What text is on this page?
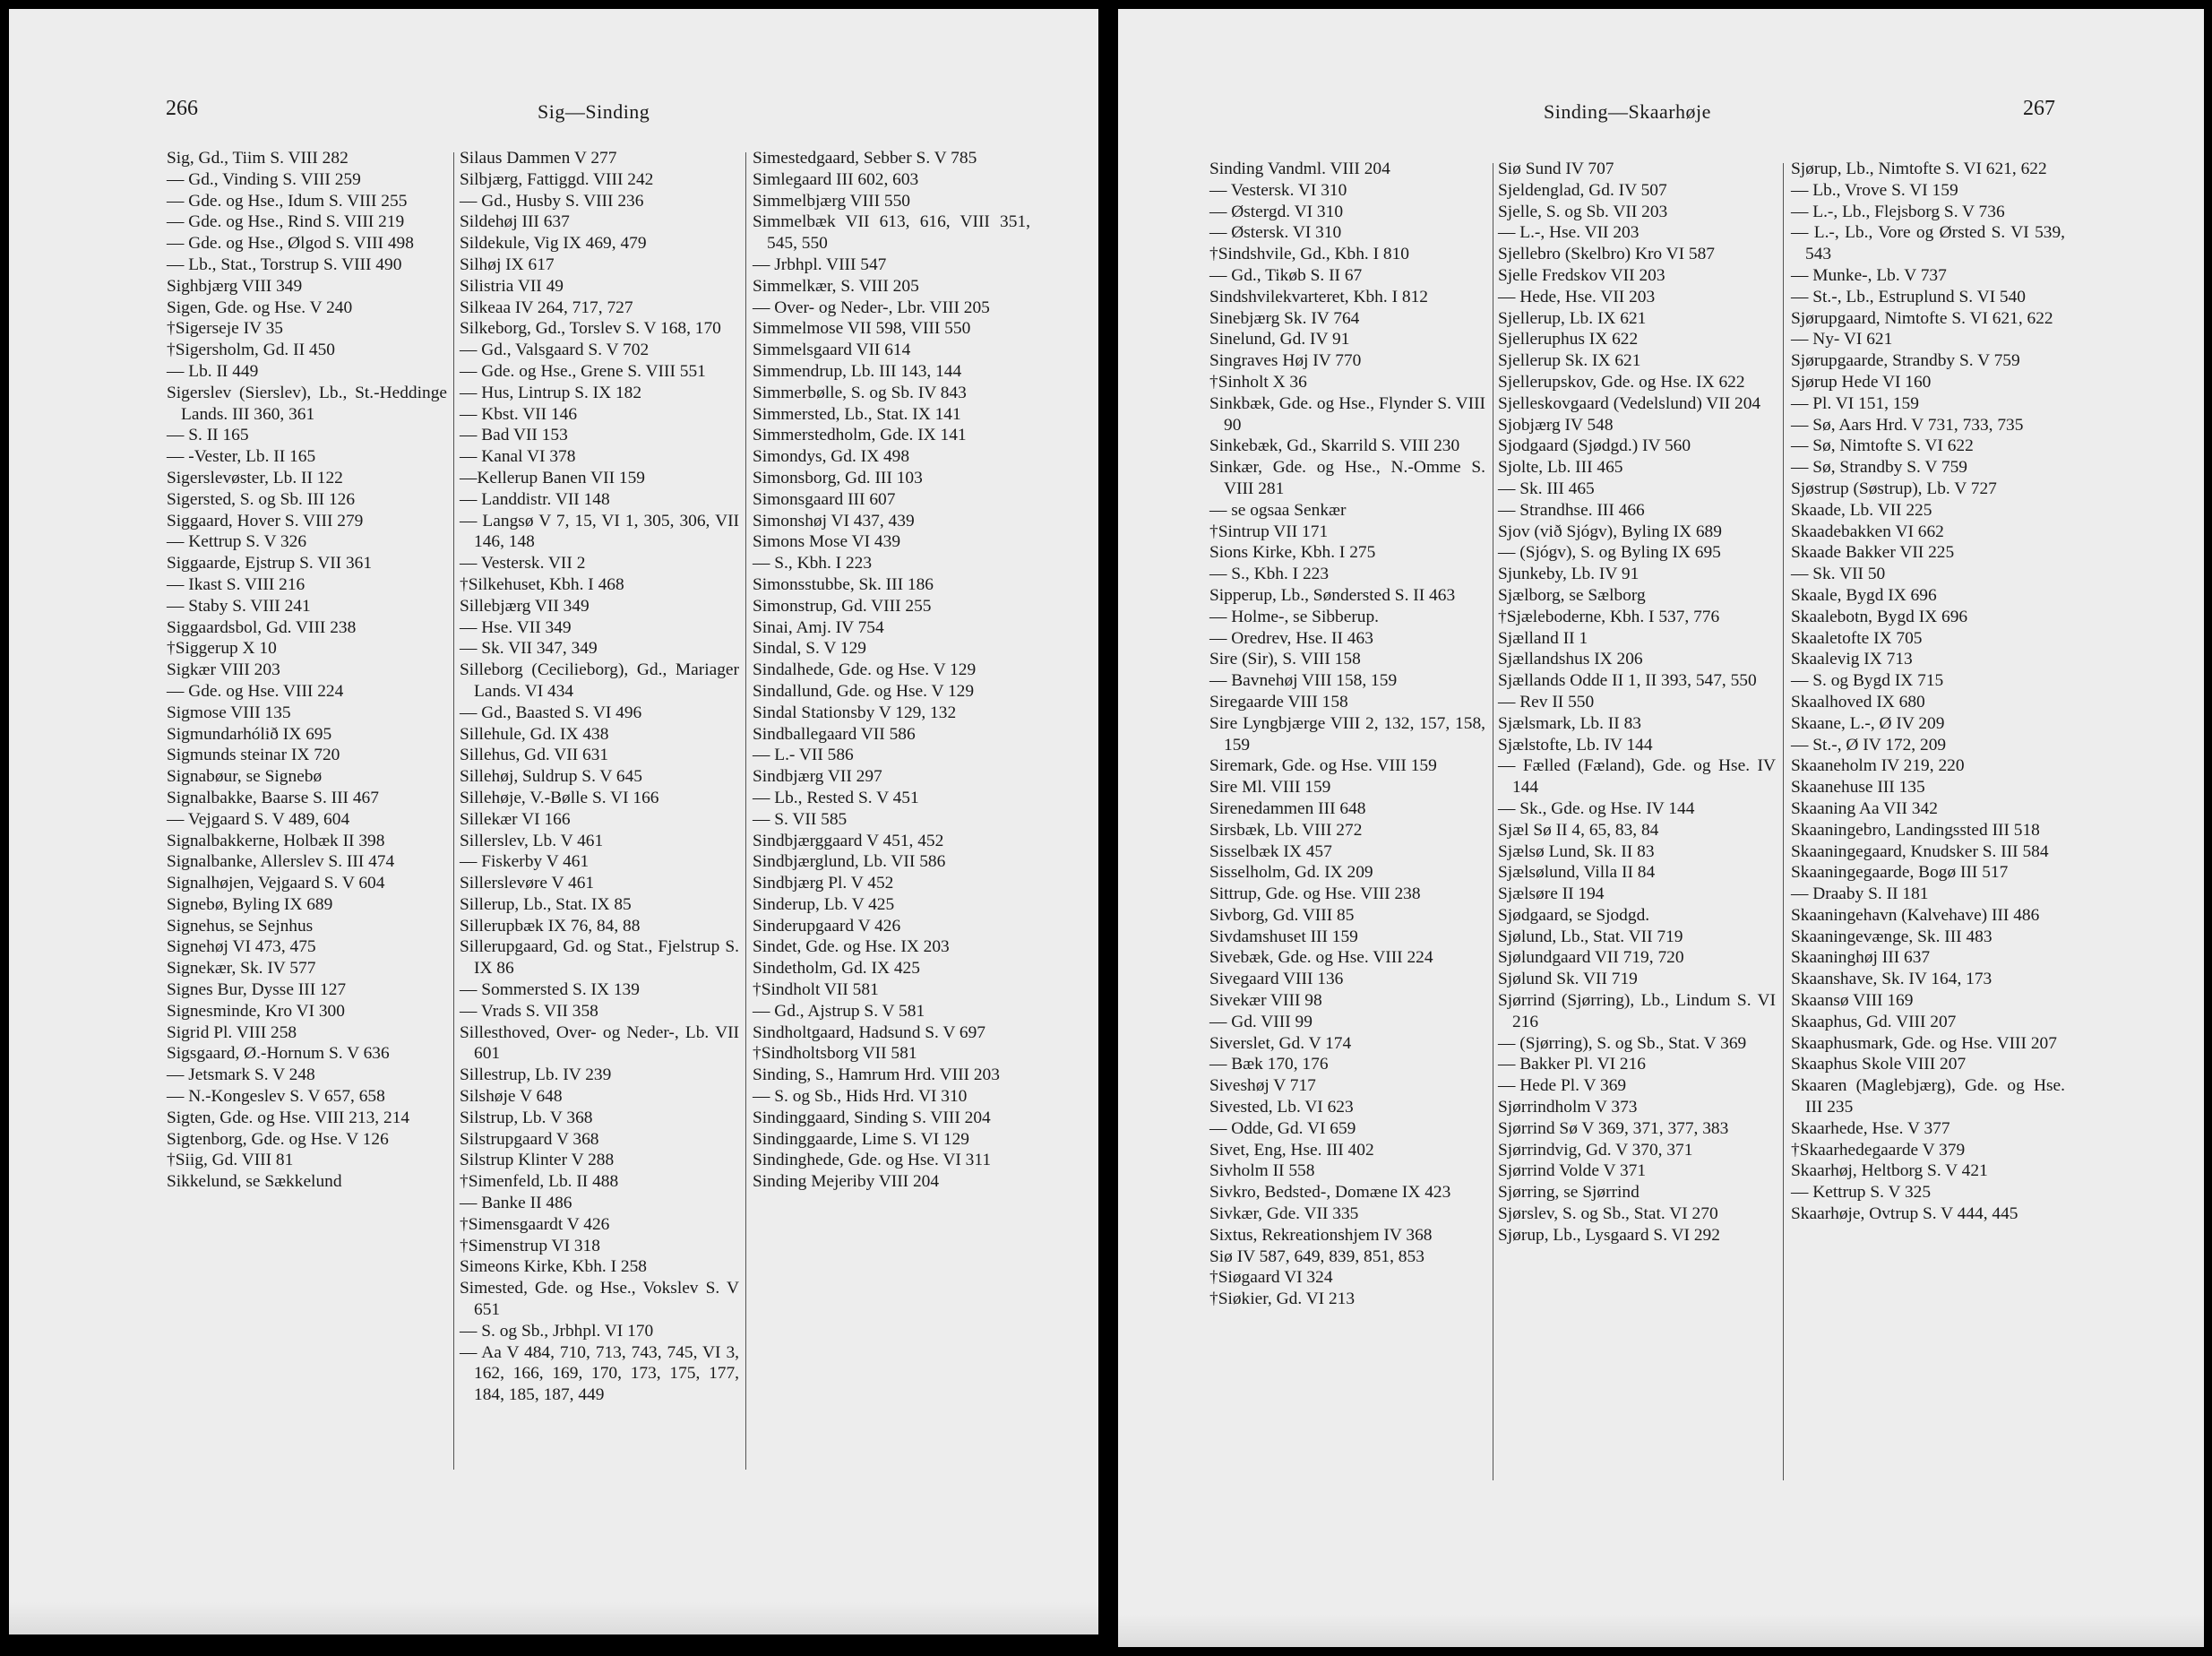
266	Sig—Sinding
Sig, Gd., Tiim S. VIII 282
— Gd., Vinding S. VIII 259
— Gde. og Hse., Idum S. VIII 255
— Gde. og Hse., Rind S. VIII 219
— Gde. og Hse., Ølgod S. VIII 498
— Lb., Stat., Torstrup S. VIII 490
Sighbjærg VIII 349
Sigen, Gde. og Hse. V 240
†Sigerseje IV 35
†Sigersholm, Gd. II 450
— Lb. II 449
Sigerslev (Sierslev), Lb., St.-Heddinge Lands. III 360, 361
— S. II 165
— -Vester, Lb. II 165
Sigerslevøster, Lb. II 122
Sigersted, S. og Sb. III 126
Siggaard, Hover S. VIII 279
— Kettrup S. V 326
Siggaarde, Ejstrup S. VII 361
— Ikast S. VIII 216
— Staby S. VIII 241
Siggaardsbol, Gd. VIII 238
†Siggerup X 10
Sigkær VIII 203
— Gde. og Hse. VIII 224
Sigmose VIII 135
Sigmundarhólið IX 695
Sigmunds steinar IX 720
Signabøur, se Signebø
Signalbakke, Baarse S. III 467
— Vejgaard S. V 489, 604
Signalbakkerne, Holbæk II 398
Signalbanke, Allerslev S. III 474
Signalhøjen, Vejgaard S. V 604
Signebø, Byling IX 689
Signehus, se Sejnhus
Signehøj VI 473, 475
Signekær, Sk. IV 577
Signes Bur, Dysse III 127
Signesminde, Kro VI 300
Sigrid Pl. VIII 258
Sigsgaard, Ø.-Hornum S. V 636
— Jetsmark S. V 248
— N.-Kongeslev S. V 657, 658
Sigten, Gde. og Hse. VIII 213, 214
Sigtenborg, Gde. og Hse. V 126
†Siig, Gd. VIII 81
Sikkelund, se Sækkelund
Silaus Dammen V 277
Silbjærg, Fattiggd. VIII 242
— Gd., Husby S. VIII 236
Sildehøj III 637
Sildekule, Vig IX 469, 479
Silhøj IX 617
Silistria VII 49
Silkeaa IV 264, 717, 727
Silkeborg, Gd., Torslev S. V 168, 170
— Gd., Valsgaard S. V 702
— Gde. og Hse., Grene S. VIII 551
— Hus, Lintrup S. IX 182
— Kbst. VII 146
— Bad VII 153
— Kanal VI 378
—Kellerup Banen VII 159
— Landdistr. VII 148
— Langsø V 7, 15, VI 1, 305, 306, VII 146, 148
— Vestersk. VII 2
†Silkehuset, Kbh. I 468
Sillebjærg VII 349
— Hse. VII 349
— Sk. VII 347, 349
Silleborg (Cecilieborg), Gd., Mariager Lands. VI 434
— Gd., Baasted S. VI 496
Sillehule, Gd. IX 438
Sillehus, Gd. VII 631
Sillehøj, Suldrup S. V 645
Sillehøje, V.-Bølle S. VI 166
Sillekær VI 166
Sillerslev, Lb. V 461
— Fiskerby V 461
Sillerslevøre V 461
Sillerup, Lb., Stat. IX 85
Sillerupbæk IX 76, 84, 88
Sillerupgaard, Gd. og Stat., Fjelstrup S. IX 86
— Sommersted S. IX 139
— Vrads S. VII 358
Sillesthoved, Over- og Neder-, Lb. VII 601
Sillestrup, Lb. IV 239
Silshøje V 648
Silstrup, Lb. V 368
Silstrupgaard V 368
Silstrup Klinter V 288
†Simenfeld, Lb. II 488
— Banke II 486
†Simensgaardt V 426
†Simenstrup VI 318
Simeons Kirke, Kbh. I 258
Simested, Gde. og Hse., Vokslev S. V 651
— S. og Sb., Jrbhpl. VI 170
— Aa V 484, 710, 713, 743, 745, VI 3, 162, 166, 169, 170, 173, 175, 177, 184, 185, 187, 449
Simestedgaard, Sebber S. V 785
Simlegaard III 602, 603
Simmelbjærg VIII 550
Simmelbæk VII 613, 616, VIII 351, 545, 550
— Jrbhpl. VIII 547
Simmelkær, S. VIII 205
— Over- og Neder-, Lbr. VIII 205
Simmelmose VII 598, VIII 550
Simmelsgaard VII 614
Simmendrup, Lb. III 143, 144
Simmerbølle, S. og Sb. IV 843
Simmersted, Lb., Stat. IX 141
Simmerstedholm, Gde. IX 141
Simondys, Gd. IX 498
Simonsborg, Gd. III 103
Simonsgaard III 607
Simonshøj VI 437, 439
Simons Mose VI 439
— S., Kbh. I 223
Simonsstubbe, Sk. III 186
Simonstrup, Gd. VIII 255
Sinai, Amj. IV 754
Sindal, S. V 129
Sindalhede, Gde. og Hse. V 129
Sindallund, Gde. og Hse. V 129
Sindal Stationsby V 129, 132
Sindballegaard VII 586
— L.- VII 586
Sindbjærg VII 297
— Lb., Rested S. V 451
— S. VII 585
Sindbjærggaard V 451, 452
Sindbjærglund, Lb. VII 586
Sindbjærg Pl. V 452
Sinderup, Lb. V 425
Sinderupgaard V 426
Sindet, Gde. og Hse. IX 203
Sindetholm, Gd. IX 425
†Sindholt VII 581
— Gd., Ajstrup S. V 581
Sindholtgaard, Hadsund S. V 697
†Sindholtsborg VII 581
Sinding, S., Hamrum Hrd. VIII 203
— S. og Sb., Hids Hrd. VI 310
Sindinggaard, Sinding S. VIII 204
Sindinggaarde, Lime S. VI 129
Sindinghede, Gde. og Hse. VI 311
Sinding Mejeriby VIII 204
267
Sinding—Skaarhøje
Sinding Vandml. VIII 204
— Vestersk. VI 310
— Østergd. VI 310
— Østersk. VI 310
†Sindshvile, Gd., Kbh. I 810
— Gd., Tikøb S. II 67
Sindshvilekvarteret, Kbh. I 812
Sinebjærg Sk. IV 764
Sinelund, Gd. IV 91
Singraves Høj IV 770
†Sinholt X 36
Sinkbæk, Gde. og Hse., Flynder S. VIII 90
Sinkebæk, Gd., Skarrild S. VIII 230
Sinkær, Gde. og Hse., N.-Omme S. VIII 281
— se ogsaa Senkær
†Sintrup VII 171
Sions Kirke, Kbh. I 275
— S., Kbh. I 223
Sipperup, Lb., Søndersted S. II 463
— Holme-, se Sibberup.
— Oredrev, Hse. II 463
Sire (Sir), S. VIII 158
— Bavnehøj VIII 158, 159
Siregaarde VIII 158
Sire Lyngbjærge VIII 2, 132, 157, 158, 159
Siremark, Gde. og Hse. VIII 159
Sire Ml. VIII 159
Sirenedammen III 648
Sirsbæk, Lb. VIII 272
Sisselbæk IX 457
Sisselholm, Gd. IX 209
Sittrup, Gde. og Hse. VIII 238
Sivborg, Gd. VIII 85
Sivdamshuset III 159
Sivebæk, Gde. og Hse. VIII 224
Sivegaard VIII 136
Sivekær VIII 98
— Gd. VIII 99
Siverslet, Gd. V 174
— Bæk 170, 176
Siveshøj V 717
Sivested, Lb. VI 623
— Odde, Gd. VI 659
Sivet, Eng, Hse. III 402
Sivholm II 558
Sivkro, Bedsted-, Domæne IX 423
Sivkær, Gde. VII 335
Sixtus, Rekreationshjem IV 368
Siø IV 587, 649, 839, 851, 853
†Siøgaard VI 324
†Siøkier, Gd. VI 213
Siø Sund IV 707
Sjeldenglad, Gd. IV 507
Sjelle, S. og Sb. VII 203
— L.-, Hse. VII 203
Sjellebro (Skelbro) Kro VI 587
Sjelle Fredskov VII 203
— Hede, Hse. VII 203
Sjellerup, Lb. IX 621
Sjelleruphus IX 622
Sjellerup Sk. IX 621
Sjellerupskov, Gde. og Hse. IX 622
Sjelleskovgaard (Vedelslund) VII 204
Sjobjærg IV 548
Sjodgaard (Sjødgd.) IV 560
Sjolte, Lb. III 465
— Sk. III 465
— Strandhse. III 466
Sjov (við Sjógv), Byling IX 689
— (Sjógv), S. og Byling IX 695
Sjunkeby, Lb. IV 91
Sjælborg, se Sælborg
†Sjæleboderne, Kbh. I 537, 776
Sjælland II 1
Sjællandshus IX 206
Sjællands Odde II 1, II 393, 547, 550
— Rev II 550
Sjælsmark, Lb. II 83
Sjælstofte, Lb. IV 144
— Fælled (Fæland), Gde. og Hse. IV 144
— Sk., Gde. og Hse. IV 144
Sjæl Sø II 4, 65, 83, 84
Sjælsø Lund, Sk. II 83
Sjælsølund, Villa II 84
Sjælsøre II 194
Sjødgaard, se Sjodgd.
Sjølund, Lb., Stat. VII 719
Sjølundgaard VII 719, 720
Sjølund Sk. VII 719
Sjørrind (Sjørring), Lb., Lindum S. VI 216
— (Sjørring), S. og Sb., Stat. V 369
— Bakker Pl. VI 216
— Hede Pl. V 369
Sjørrindholm V 373
Sjørrind Sø V 369, 371, 377, 383
Sjørrindvig, Gd. V 370, 371
Sjørrind Volde V 371
Sjørring, se Sjørrind
Sjørslev, S. og Sb., Stat. VI 270
Sjørup, Lb., Lysgaard S. VI 292
Sjørup, Lb., Nimtofte S. VI 621, 622
— Lb., Vrove S. VI 159
— L.-, Lb., Flejsborg S. V 736
— L.-, Lb., Vore og Ørsted S. VI 539, 543
— Munke-, Lb. V 737
— St.-, Lb., Estruplund S. VI 540
Sjørupgaard, Nimtofte S. VI 621, 622
— Ny- VI 621
Sjørupgaarde, Strandby S. V 759
Sjørup Hede VI 160
— Pl. VI 151, 159
— Sø, Aars Hrd. V 731, 733, 735
— Sø, Nimtofte S. VI 622
— Sø, Strandby S. V 759
Sjøstrup (Søstrup), Lb. V 727
Skaade, Lb. VII 225
Skaadebakken VI 662
Skaade Bakker VII 225
— Sk. VII 50
Skaale, Bygd IX 696
Skaalebotn, Bygd IX 696
Skaaletofte IX 705
Skaalevig IX 713
— S. og Bygd IX 715
Skaalhoved IX 680
Skaane, L.-, Ø IV 209
— St.-, Ø IV 172, 209
Skaaneholm IV 219, 220
Skaanehuse III 135
Skaaning Aa VII 342
Skaaningebro, Landingssted III 518
Skaaningegaard, Knudsker S. III 584
Skaaningegaarde, Bogø III 517
— Draaby S. II 181
Skaaningehavn (Kalvehave) III 486
Skaaningevænge, Sk. III 483
Skaaninghøj III 637
Skaanshave, Sk. IV 164, 173
Skaansø VIII 169
Skaaphus, Gd. VIII 207
Skaaphusmark, Gde. og Hse. VIII 207
Skaaphus Skole VIII 207
Skaaren (Maglebjærg), Gde. og Hse. III 235
Skaarhede, Hse. V 377
†Skaarhedegaarde V 379
Skaarhøj, Heltborg S. V 421
— Kettrup S. V 325
Skaarhøje, Ovtrup S. V 444, 445
